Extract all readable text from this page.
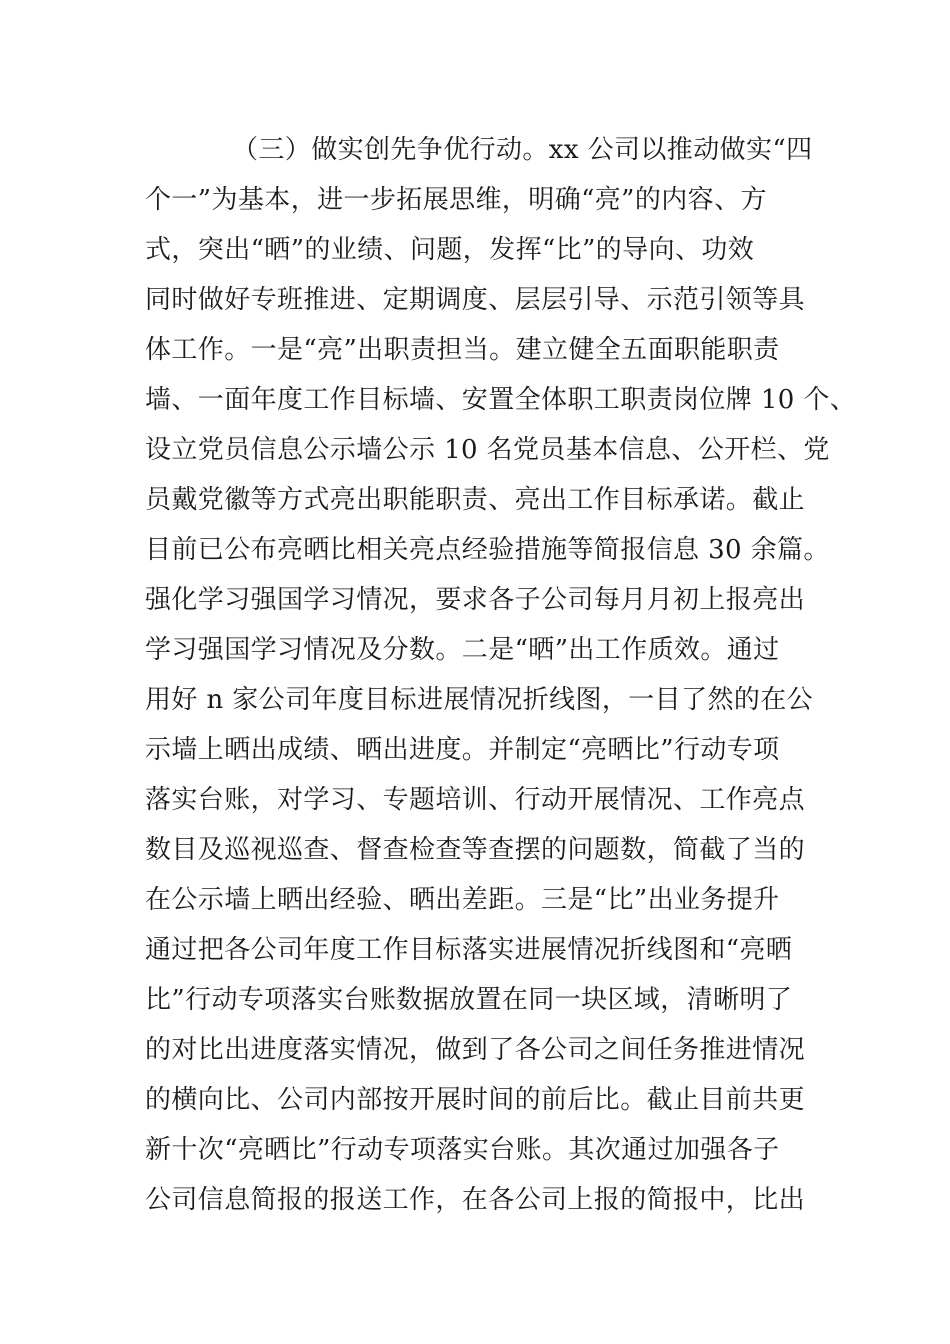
（三）做实创先争优行动。xx 公司以推动做实“四
个一”为基本，进一步拓展思维，明确“亮”的内容、方
式，突出“晒”的业绩、问题，发挥“比”的导向、功效
同时做好专班推进、定期调度、层层引导、示范引领等具
体工作。一是“亮”出职责担当。建立健全五面职能职责
墙、一面年度工作目标墙、安置全体职工职责岗位牌 10 个、
设立党员信息公示墙公示 10 名党员基本信息、公开栏、党
员戴党徽等方式亮出职能职责、亮出工作目标承诺。截止
目前已公布亮晒比相关亮点经验措施等简报信息 30 余篇。
强化学习强国学习情况，要求各子公司每月月初上报亮出
学习强国学习情况及分数。二是“晒”出工作质效。通过
用好 n 家公司年度目标进展情况折线图，一目了然的在公
示墙上晒出成绩、晒出进度。并制定“亮晒比”行动专项
落实台账，对学习、专题培训、行动开展情况、工作亮点
数目及巡视巡查、督查检查等查摆的问题数，简截了当的
在公示墙上晒出经验、晒出差距。三是“比”出业务提升
通过把各公司年度工作目标落实进展情况折线图和“亮晒
比”行动专项落实台账数据放置在同一块区域，清晰明了
的对比出进度落实情况，做到了各公司之间任务推进情况
的横向比、公司内部按开展时间的前后比。截止目前共更
新十次“亮晒比”行动专项落实台账。其次通过加强各子
公司信息简报的报送工作，在各公司上报的简报中，比出
